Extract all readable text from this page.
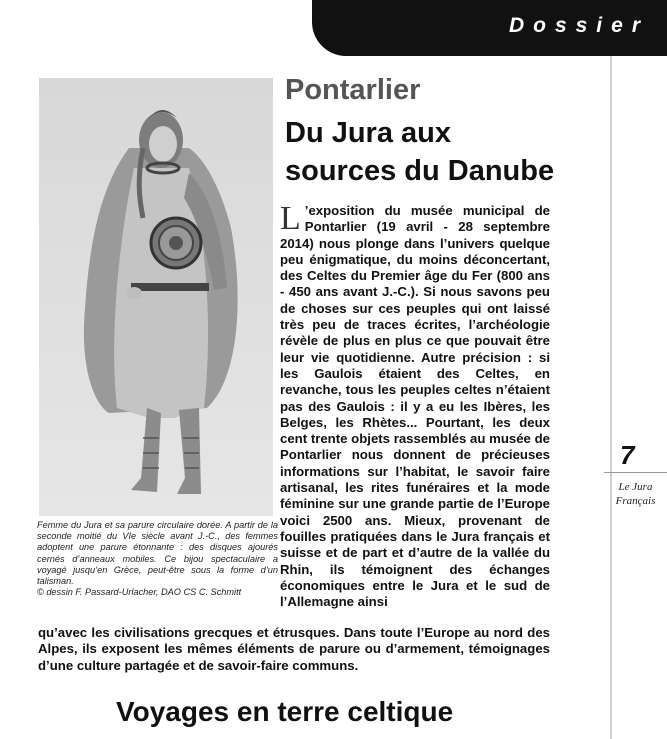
Dossier

Femme du Jura et sa parure circulaire dorée. A partir de la seconde moitié du VIe siècle avant J.-C., des femmes adoptent une parure étonnante : des disques ajourés cernés d’anneaux mobiles. Ce bijou spectaculaire a voyagé jusqu’en Grèce, peut-être sous la forme d’un talisman.

© dessin F. Passard-Urlacher, DAO CS C. Schmitt

Pontarlier
Du Jura aux
sources du Danube
L ’exposition du musée municipal de Pontarlier (19 avril - 28 septembre 2014) nous plonge dans l’univers quelque peu énigmatique, du moins déconcertant, des Celtes du Premier âge du Fer (800 ans - 450 ans avant J.-C.). Si nous savons peu de choses sur ces peuples qui ont laissé très peu de traces écrites, l’archéologie révèle de plus en plus ce que pouvait être leur vie quotidienne. Autre précision : si les Gaulois étaient des Celtes, en revanche, tous les peuples celtes n’étaient pas des Gaulois : il y a eu les Ibères, les Belges, les Rhètes... Pourtant, les deux cent trente objets rassemblés au musée de Pontarlier nous donnent de précieuses informations sur l’habitat, le savoir faire artisanal, les rites funéraires et la mode féminine sur une grande partie de l’Europe voici 2500 ans. Mieux, provenant de fouilles pratiquées dans le Jura français et suisse et de part et d’autre de la vallée du Rhin, ils témoignent des échanges économiques entre le Jura et le sud de l’Allemagne ainsi
qu’avec les civilisations grecques et étrusques. Dans toute l’Europe au nord des Alpes, ils exposent les mêmes éléments de parure ou d’armement, témoignages d’une culture partagée et de savoir-faire communs.
Voyages en terre celtique
7
Le Jura
Français
